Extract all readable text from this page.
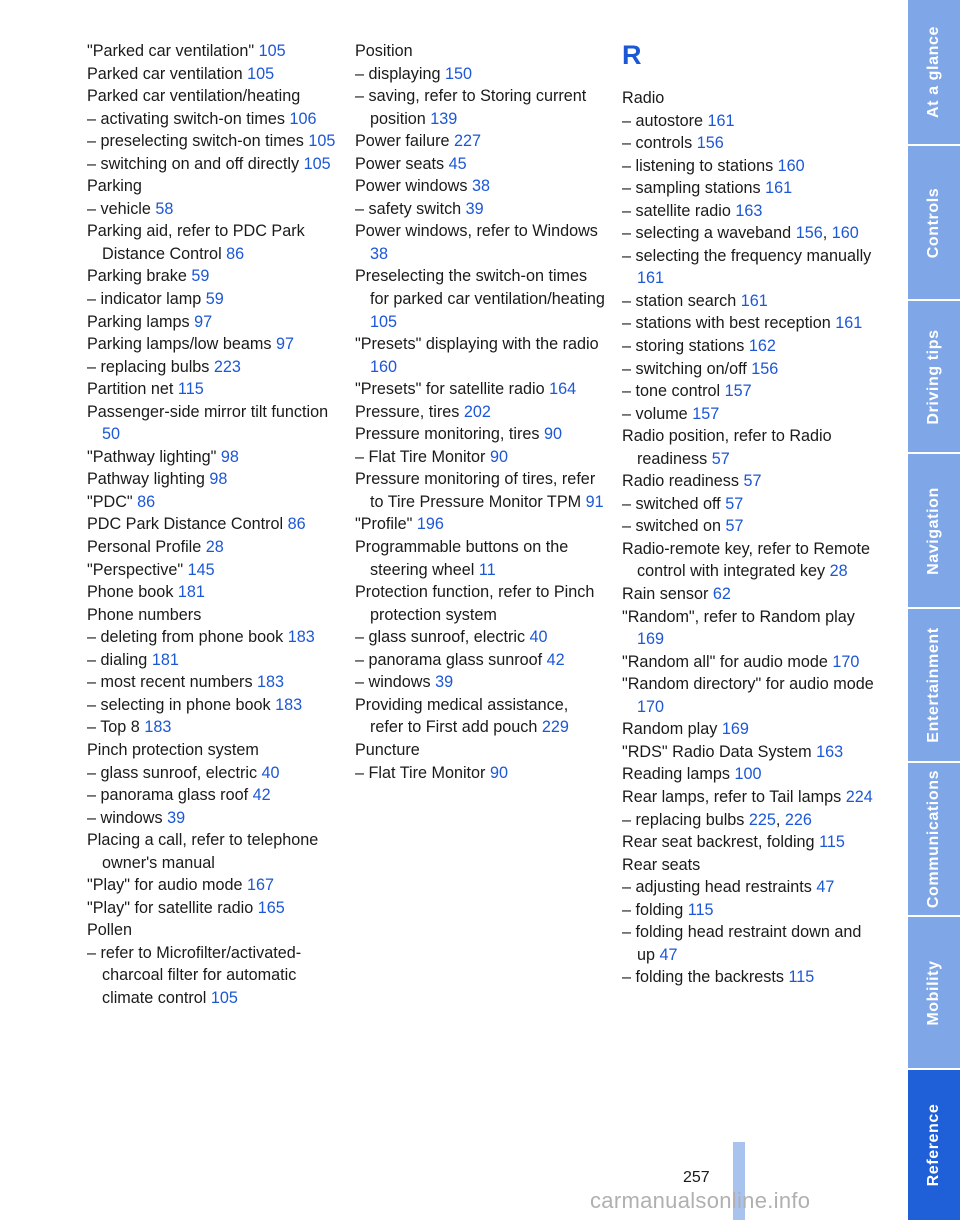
"Parked car ventilation" 105
Parked car ventilation 105
Parked car ventilation/heating
– activating switch-on times 106
– preselecting switch-on times 105
– switching on and off directly 105
Parking
– vehicle 58
Parking aid, refer to PDC Park Distance Control 86
Parking brake 59
– indicator lamp 59
Parking lamps 97
Parking lamps/low beams 97
– replacing bulbs 223
Partition net 115
Passenger-side mirror tilt function 50
"Pathway lighting" 98
Pathway lighting 98
"PDC" 86
PDC Park Distance Control 86
Personal Profile 28
"Perspective" 145
Phone book 181
Phone numbers
– deleting from phone book 183
– dialing 181
– most recent numbers 183
– selecting in phone book 183
– Top 8 183
Pinch protection system
– glass sunroof, electric 40
– panorama glass roof 42
– windows 39
Placing a call, refer to telephone owner's manual
"Play" for audio mode 167
"Play" for satellite radio 165
Pollen
– refer to Microfilter/activated-charcoal filter for automatic climate control 105
Position
– displaying 150
– saving, refer to Storing current position 139
Power failure 227
Power seats 45
Power windows 38
– safety switch 39
Power windows, refer to Windows 38
Preselecting the switch-on times for parked car ventilation/heating 105
"Presets" displaying with the radio 160
"Presets" for satellite radio 164
Pressure, tires 202
Pressure monitoring, tires 90
– Flat Tire Monitor 90
Pressure monitoring of tires, refer to Tire Pressure Monitor TPM 91
"Profile" 196
Programmable buttons on the steering wheel 11
Protection function, refer to Pinch protection system
– glass sunroof, electric 40
– panorama glass sunroof 42
– windows 39
Providing medical assistance, refer to First add pouch 229
Puncture
– Flat Tire Monitor 90
R
Radio
– autostore 161
– controls 156
– listening to stations 160
– sampling stations 161
– satellite radio 163
– selecting a waveband 156, 160
– selecting the frequency manually 161
– station search 161
– stations with best reception 161
– storing stations 162
– switching on/off 156
– tone control 157
– volume 157
Radio position, refer to Radio readiness 57
Radio readiness 57
– switched off 57
– switched on 57
Radio-remote key, refer to Remote control with integrated key 28
Rain sensor 62
"Random", refer to Random play 169
"Random all" for audio mode 170
"Random directory" for audio mode 170
Random play 169
"RDS" Radio Data System 163
Reading lamps 100
Rear lamps, refer to Tail lamps 224
– replacing bulbs 225, 226
Rear seat backrest, folding 115
Rear seats
– adjusting head restraints 47
– folding 115
– folding head restraint down and up 47
– folding the backrests 115
At a glance
Controls
Driving tips
Navigation
Entertainment
Communications
Mobility
Reference
257
carmanualsonline.info
